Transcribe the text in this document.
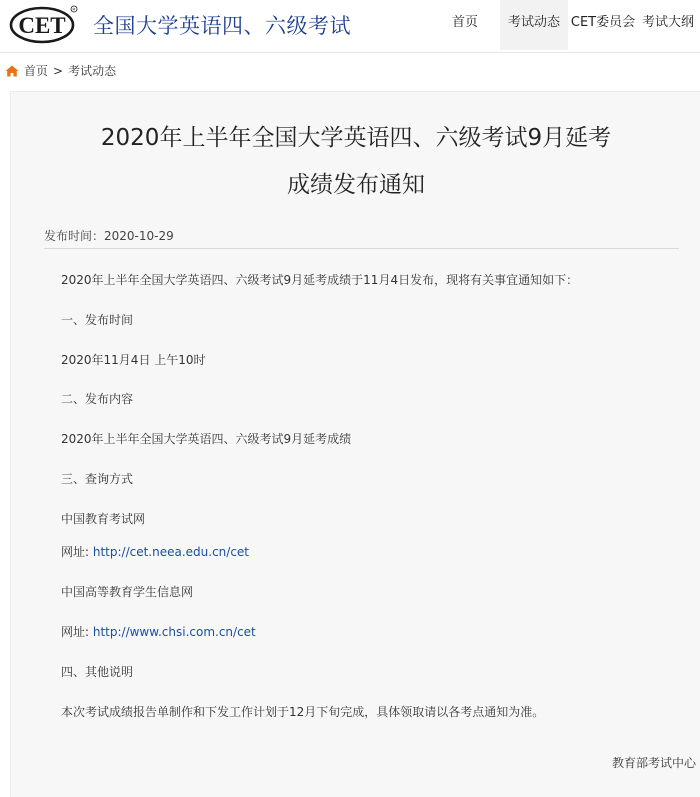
CET
R
全国大学英语四、六级考试	首页	考试动态 CET委员会 考试大纲
首页 > 考试动态
2020年上半年全国大学英语四、六级考试9月延考
成绩发布通知
发布时间：2020-10-29
2020年上半年全国大学英语四、六级考试9月延考成绩于11月4日发布，现将有关事宜通知如下：
一、发布时间
2020年11月4日 上午10时
二、发布内容
2020年上半年全国大学英语四、六级考试9月延考成绩
三、查询方式
中国教育考试网
网址: http://cet.neea.edu.cn/cet
中国高等教育学生信息网
网址: http://www.chsi.com.cn/cet
四、其他说明
本次考试成绩报告单制作和下发工作计划于12月下旬完成，具体领取请以各考点通知为准。
教育部考试中心
